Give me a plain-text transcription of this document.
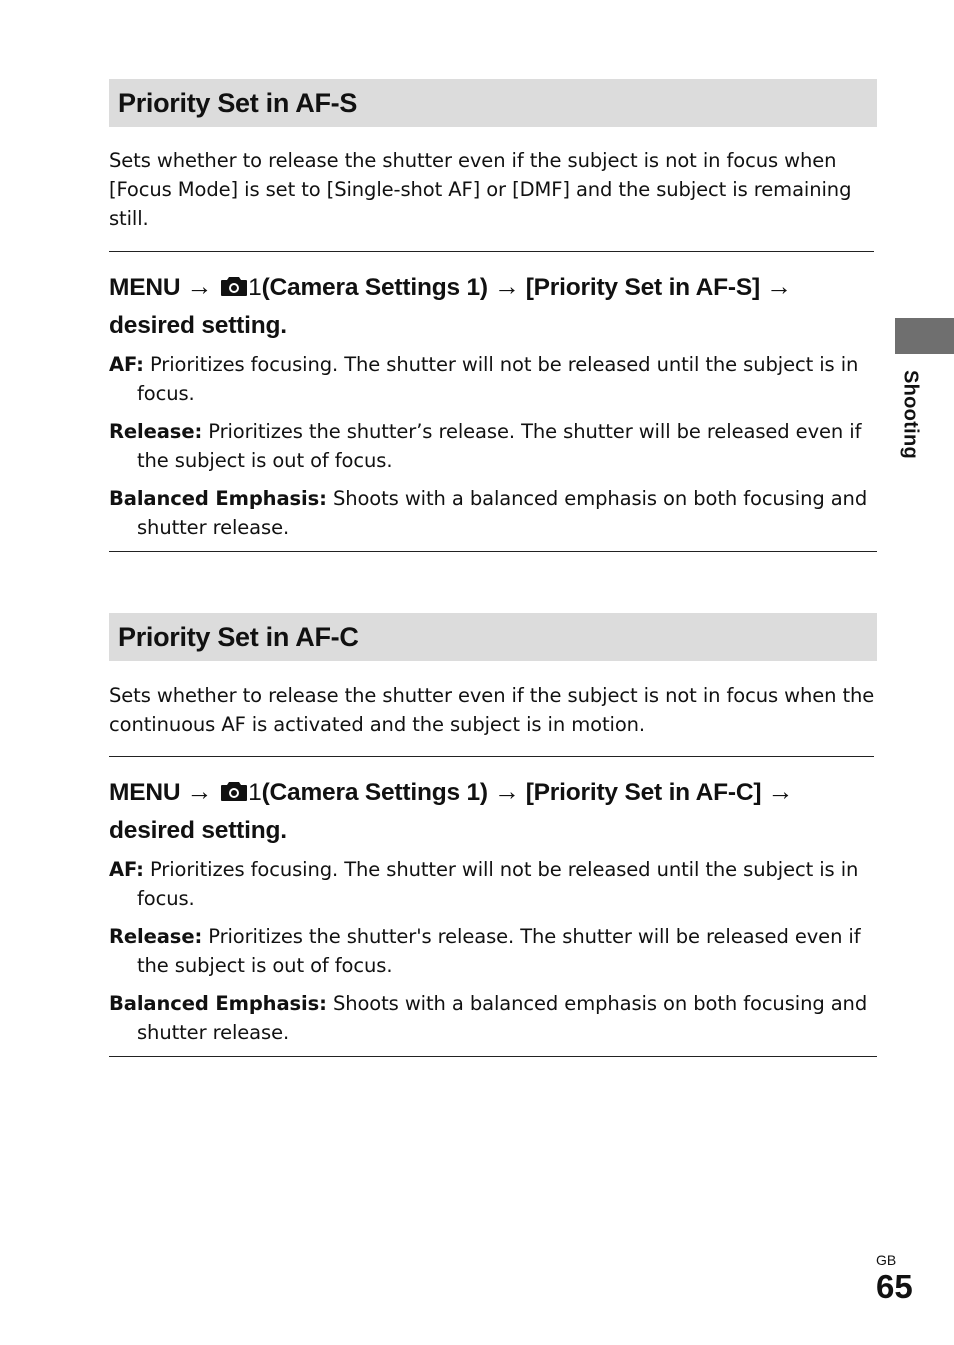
Priority Set in AF-S

Sets whether to release the shutter even if the subject is not in focus when [Focus Mode] is set to [Single-shot AF] or [DMF] and the subject is remaining still.

MENU → 1(Camera Settings 1) → [Priority Set in AF-S] →
desired setting.

AF: Prioritizes focusing. The shutter will not be released until the subject is in focus.
Release: Prioritizes the shutter’s release. The shutter will be released even if the subject is out of focus.
Balanced Emphasis: Shoots with a balanced emphasis on both focusing and shutter release.
Priority Set in AF-C

Sets whether to release the shutter even if the subject is not in focus when the continuous AF is activated and the subject is in motion.

MENU → 1(Camera Settings 1) → [Priority Set in AF-C] →
desired setting.

AF: Prioritizes focusing. The shutter will not be released until the subject is in focus.
Release: Prioritizes the shutter's release. The shutter will be released even if the subject is out of focus.
Balanced Emphasis: Shoots with a balanced emphasis on both focusing and shutter release.
Shooting
GB
65
